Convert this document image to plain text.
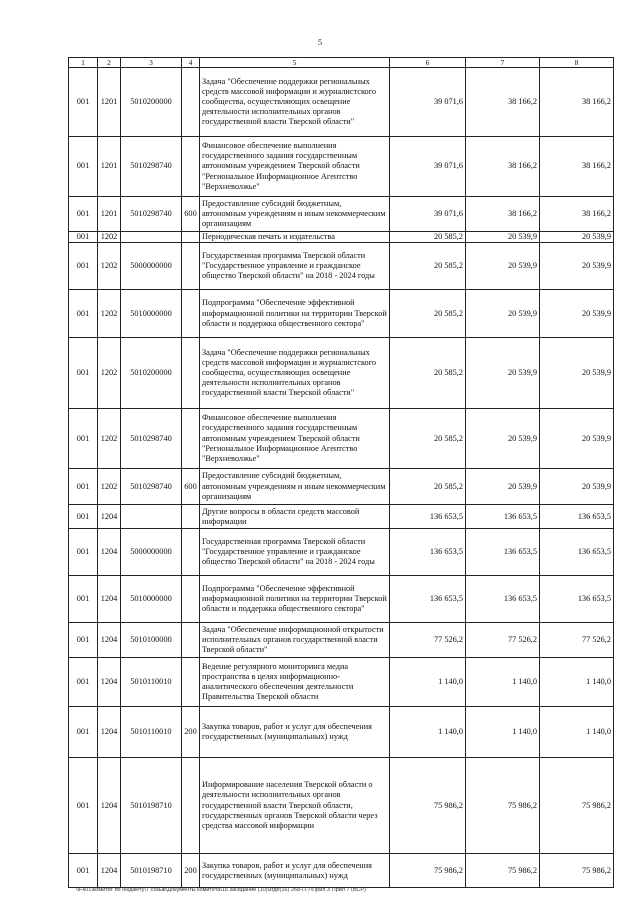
5
1	2	3	4	5	6	7	8
001	1201	5010200000		Задача "Обеспечение поддержки региональных средств массовой информации и журналистского сообщества, осуществляющих освещение деятельности исполнительных органов государственной власти Тверской области"	39 071,6	38 166,2	38 166,2
001	1201	5010298740		Финансовое обеспечение выполнения государственного задания государственным автономным учреждением Тверской области "Региональное Информационное Агентство "Верхневолжье"	39 071,6	38 166,2	38 166,2
001	1201	5010298740	600	Предоставление субсидий бюджетным, автономным учреждениям и иным некоммерческим организациям	39 071,6	38 166,2	38 166,2
001	1202			Периодическая печать и издательства	20 585,2	20 539,9	20 539,9
001	1202	5000000000		Государственная программа Тверской области "Государственное управление и гражданское общество Тверской области" на 2018 - 2024 годы	20 585,2	20 539,9	20 539,9
001	1202	5010000000		Подпрограмма "Обеспечение эффективной информационной политики на территории Тверской области и поддержка общественного сектора"	20 585,2	20 539,9	20 539,9
001	1202	5010200000		Задача "Обеспечение поддержки региональных средств массовой информации и журналистского сообщества, осуществляющих освещение деятельности исполнительных органов государственной власти Тверской области"	20 585,2	20 539,9	20 539,9
001	1202	5010298740		Финансовое обеспечение выполнения государственного задания государственным автономным учреждением Тверской области "Региональное Информационное Агентство "Верхневолжье"	20 585,2	20 539,9	20 539,9
001	1202	5010298740	600	Предоставление субсидий бюджетным, автономным учреждениям и иным некоммерческим организациям	20 585,2	20 539,9	20 539,9
001	1204			Другие вопросы в области средств массовой информации	136 653,5	136 653,5	136 653,5
001	1204	5000000000		Государственная программа Тверской области "Государственное управление и гражданское общество Тверской области" на 2018 - 2024 годы	136 653,5	136 653,5	136 653,5
001	1204	5010000000		Подпрограмма "Обеспечение эффективной информационной политики на территории Тверской области и поддержка общественного сектора"	136 653,5	136 653,5	136 653,5
001	1204	5010100000		Задача "Обеспечение информационной открытости исполнительных органов государственной власти Тверской области"	77 526,2	77 526,2	77 526,2
001	1204	5010110010		Ведение регулярного мониторинга медиа пространства в целях информационно-аналитического обеспечения деятельности Правительства Тверской области	1 140,0	1 140,0	1 140,0
001	1204	5010110010	200	Закупка товаров, работ и услуг для обеспечения государственных (муниципальных) нужд	1 140,0	1 140,0	1 140,0
001	1204	5010198710		Информирование населения Тверской области о деятельности исполнительных органов государственной власти Тверской области, государственных органов Тверской области через средства массовой информации	75 986,2	75 986,2	75 986,2
001	1204	5010198710	200	Закупка товаров, работ и услуг для обеспечения государственных (муниципальных) нужд	75 986,2	75 986,2	75 986,2
\\Fs01\комитет по бюджету\7 созыв\Документы комитета\16 заседание (10)\згдп(16) 268-П-7\Прил 3 Прил 7 (ВСР)
